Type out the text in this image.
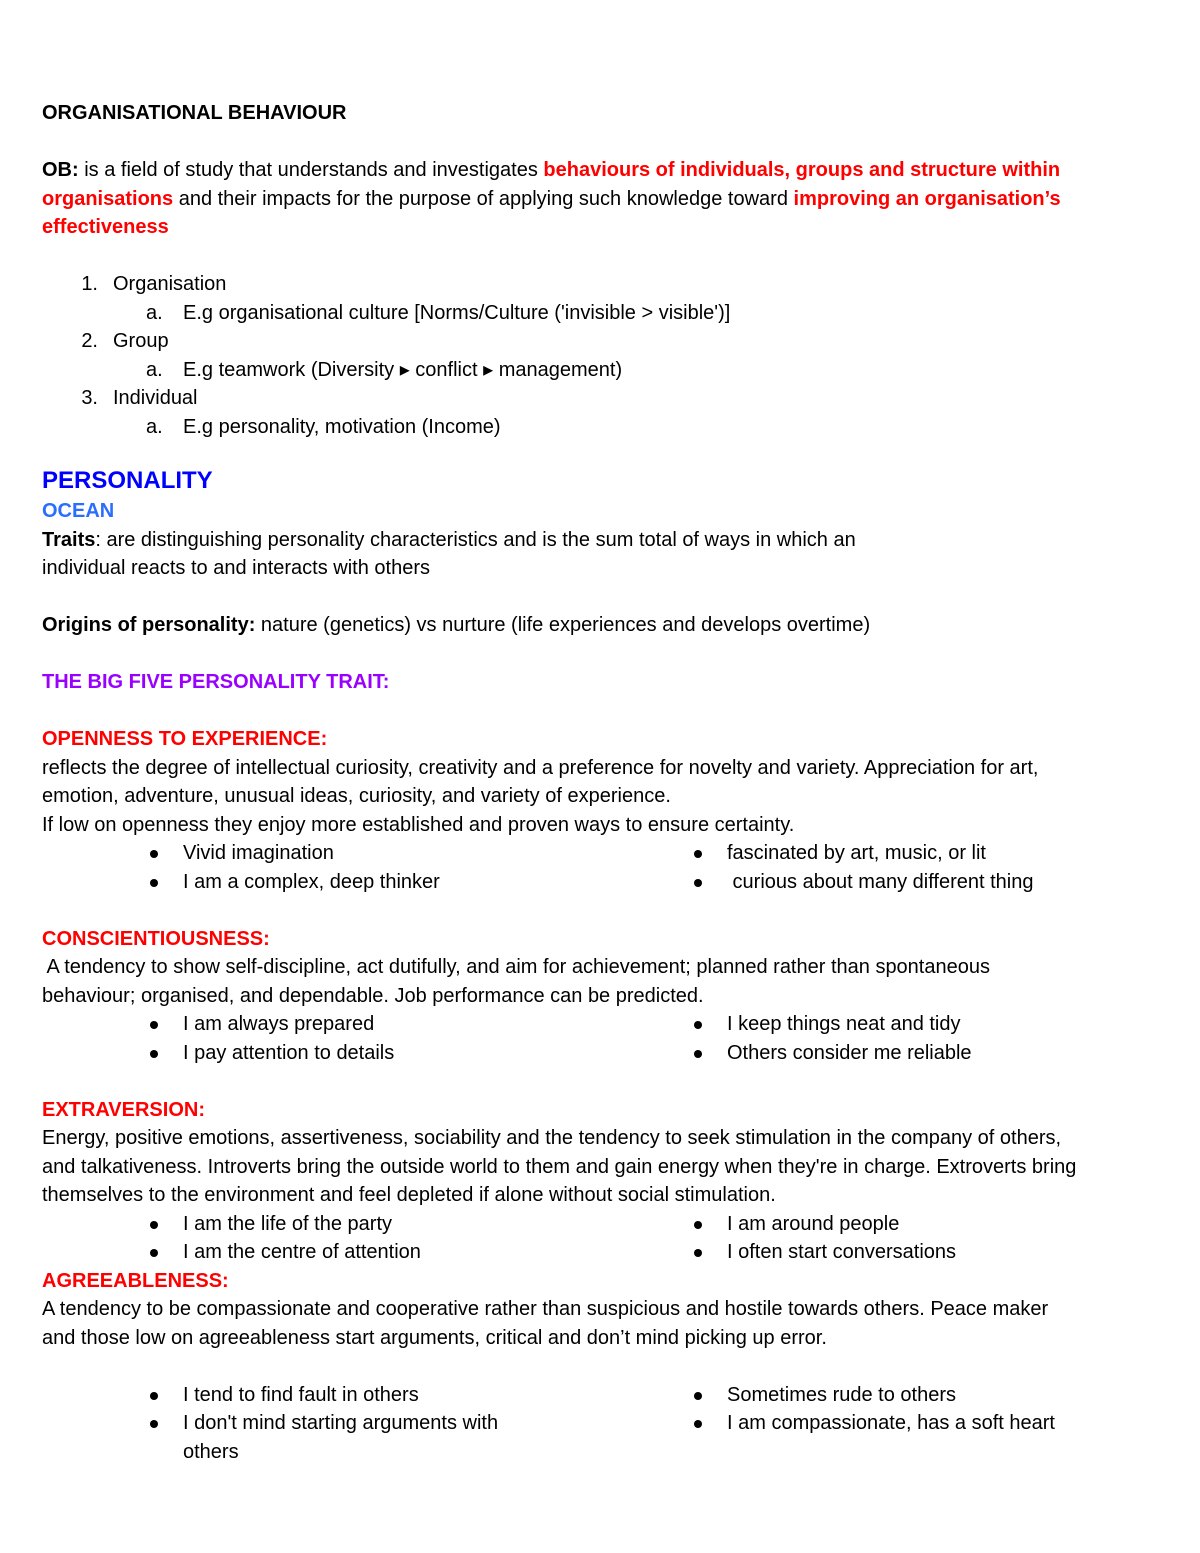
ORGANISATIONAL BEHAVIOUR

OB: is a field of study that understands and investigates behaviours of individuals, groups and structure within organisations and their impacts for the purpose of applying such knowledge toward improving an organisation’s effectiveness

1. Organisation
a. E.g organisational culture [Norms/Culture ('invisible > visible')]
2. Group
a. E.g teamwork (Diversity ▸ conflict ▸ management)
3. Individual
a. E.g personality, motivation (Income)

PERSONALITY

OCEAN

Traits: are distinguishing personality characteristics and is the sum total of ways in which an

individual reacts to and interacts with others

Origins of personality: nature (genetics) vs nurture (life experiences and develops overtime)

THE BIG FIVE PERSONALITY TRAIT:

OPENNESS TO EXPERIENCE:

reflects the degree of intellectual curiosity, creativity and a preference for novelty and variety. Appreciation for art,

emotion, adventure, unusual ideas, curiosity, and variety of experience.

If low on openness they enjoy more established and proven ways to ensure certainty.

Vivid imagination
I am a complex, deep thinker
fascinated by art, music, or lit
curious about many different thing

CONSCIENTIOUSNESS:

A tendency to show self-discipline, act dutifully, and aim for achievement; planned rather than spontaneous

behaviour; organised, and dependable. Job performance can be predicted.

I am always prepared
I pay attention to details
I keep things neat and tidy
Others consider me reliable

EXTRAVERSION:

Energy, positive emotions, assertiveness, sociability and the tendency to seek stimulation in the company of others,

and talkativeness. Introverts bring the outside world to them and gain energy when they're in charge. Extroverts bring

themselves to the environment and feel depleted if alone without social stimulation.

I am the life of the party
I am the centre of attention
I am around people
I often start conversations

AGREEABLENESS:

A tendency to be compassionate and cooperative rather than suspicious and hostile towards others. Peace maker

and those low on agreeableness start arguments, critical and don’t mind picking up error.

I tend to find fault in others
I don't mind starting arguments with others
Sometimes rude to others
I am compassionate, has a soft heart
